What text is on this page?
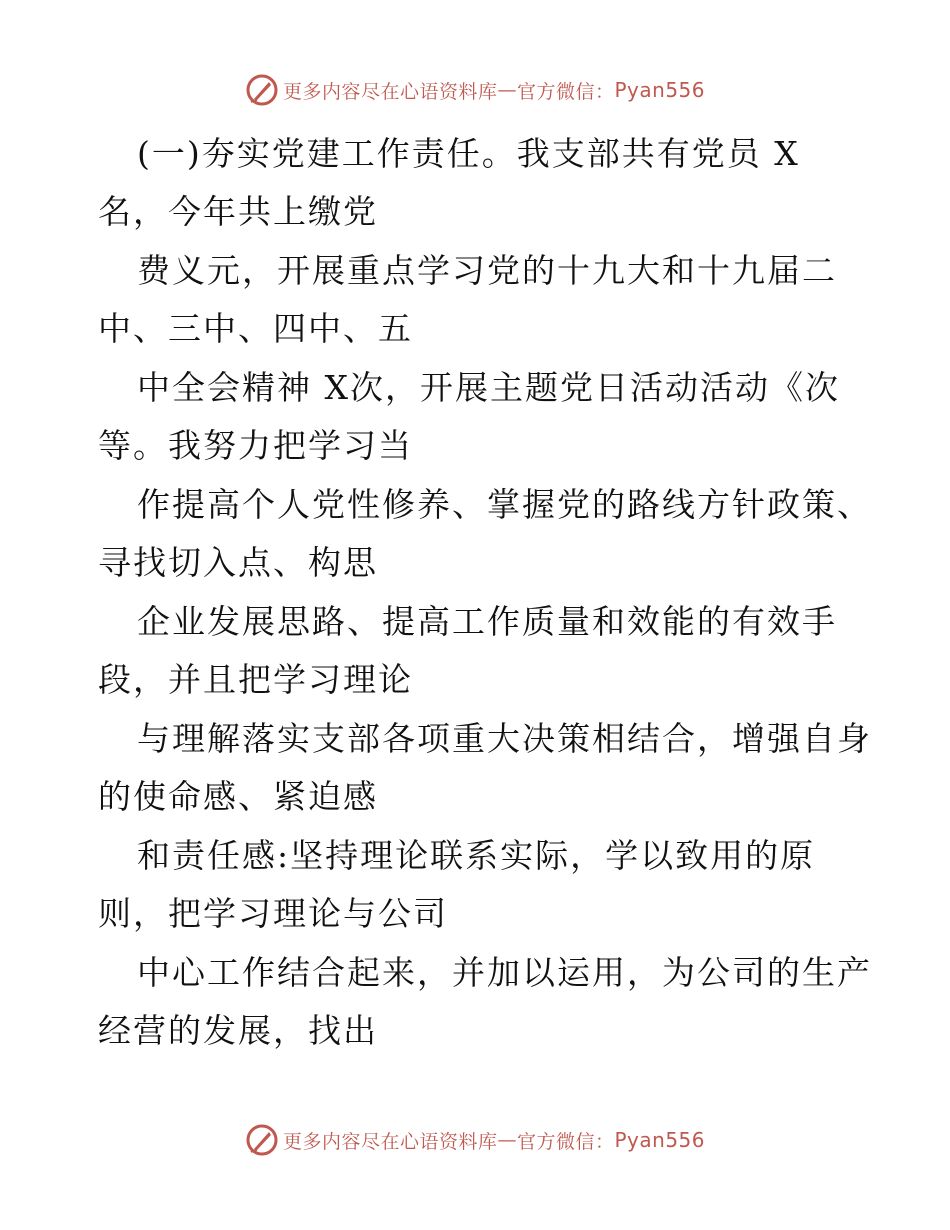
更多内容尽在心语资料库 — 官方微信： Pyan556
(一)夯实党建工作责任。我支部共有党员 X
名，今年共上缴党
费义元，开展重点学习党的十九大和十九届二
中、三中、四中、五
中全会精神 X次，开展主题党日活动活动《次
等。我努力把学习当
作提高个人党性修养、掌握党的路线方针政策、
寻找切入点、构思
企业发展思路、提高工作质量和效能的有效手
段，并且把学习理论
与理解落实支部各项重大决策相结合，增强自身
的使命感、紧迫感
和责任感:坚持理论联系实际，学以致用的原
则，把学习理论与公司
中心工作结合起来，并加以运用，为公司的生产
经营的发展，找出
更多内容尽在心语资料库 — 官方微信： Pyan556
